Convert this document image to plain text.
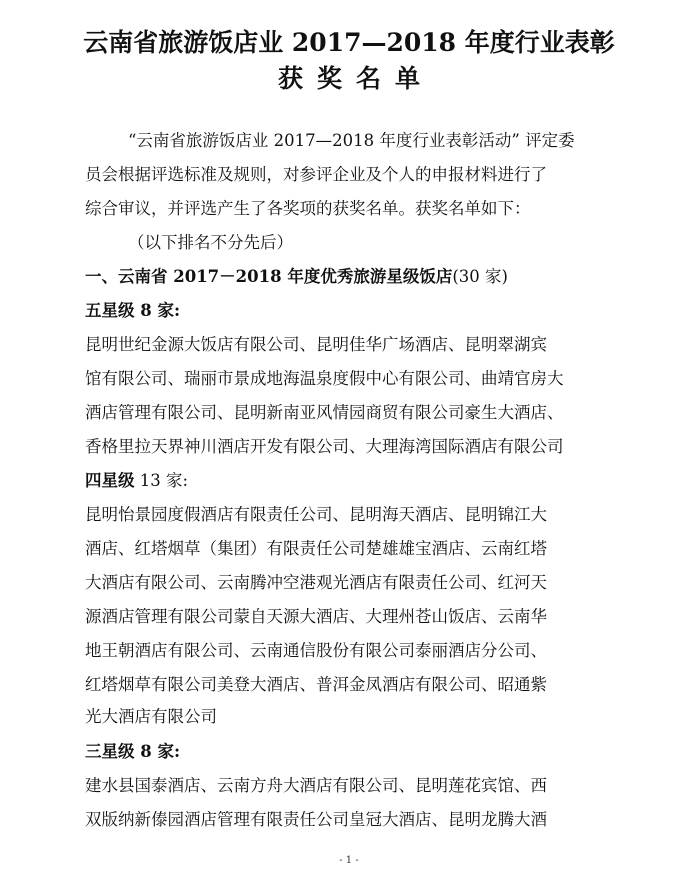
云南省旅游饭店业 2017—2018 年度行业表彰
获奖名单
“云南省旅游饭店业 2017—2018 年度行业表彰活动” 评定委
员会根据评选标准及规则，对参评企业及个人的申报材料进行了
综合审议，并评选产生了各奖项的获奖名单。获奖名单如下：
（以下排名不分先后）
一、云南省 2017－2018 年度优秀旅游星级饭店(30 家)
五星级 8 家:
昆明世纪金源大饭店有限公司、昆明佳华广场酒店、昆明翠湖宾
馆有限公司、瑞丽市景成地海温泉度假中心有限公司、曲靖官房大
酒店管理有限公司、昆明新南亚风情园商贸有限公司豪生大酒店、
香格里拉天界神川酒店开发有限公司、大理海湾国际酒店有限公司
四星级 13 家:
昆明怡景园度假酒店有限责任公司、昆明海天酒店、昆明锦江大
酒店、红塔烟草（集团）有限责任公司楚雄雄宝酒店、云南红塔
大酒店有限公司、云南腾冲空港观光酒店有限责任公司、红河天
源酒店管理有限公司蒙自天源大酒店、大理州苍山饭店、云南华
地王朝酒店有限公司、云南通信股份有限公司泰丽酒店分公司、
红塔烟草有限公司美登大酒店、普洱金凤酒店有限公司、昭通紫
光大酒店有限公司
三星级 8 家:
建水县国泰酒店、云南方舟大酒店有限公司、昆明莲花宾馆、西
双版纳新傣园酒店管理有限责任公司皇冠大酒店、昆明龙腾大酒
- 1 -
